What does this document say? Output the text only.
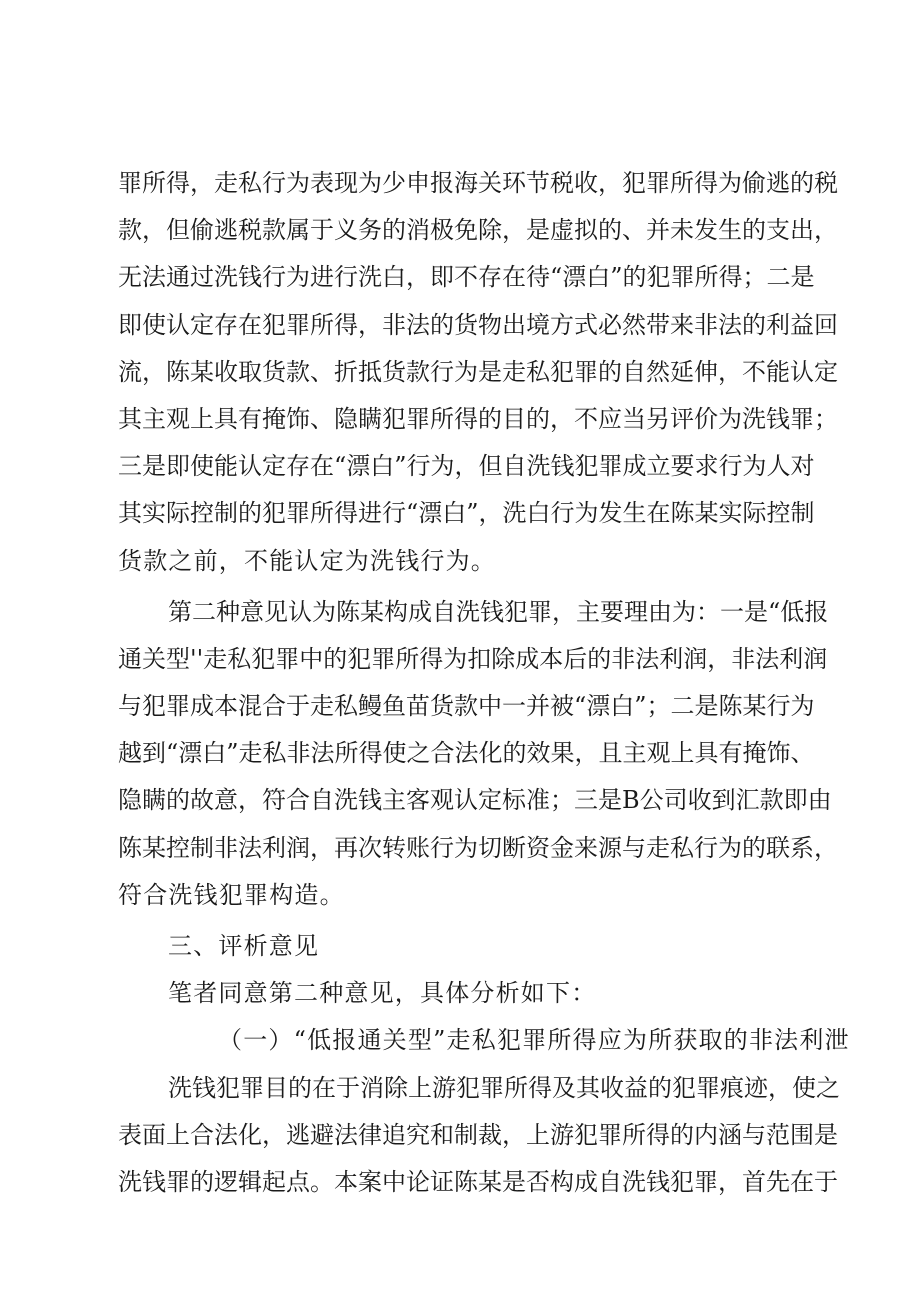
罪所得，走私行为表现为少申报海关环节税收，犯罪所得为偷逃的税
款，但偷逃税款属于义务的消极免除，是虚拟的、并未发生的支出，
无法通过洗钱行为进行洗白，即不存在待“漂白”的犯罪所得；二是
即使认定存在犯罪所得，非法的货物出境方式必然带来非法的利益回
流，陈某收取货款、折抵货款行为是走私犯罪的自然延伸，不能认定
其主观上具有掩饰、隐瞒犯罪所得的目的，不应当另评价为洗钱罪；
三是即使能认定存在“漂白”行为，但自洗钱犯罪成立要求行为人对
其实际控制的犯罪所得进行“漂白”，洗白行为发生在陈某实际控制
货款之前，不能认定为洗钱行为。
第二种意见认为陈某构成自洗钱犯罪，主要理由为：一是“低报
通关型''走私犯罪中的犯罪所得为扣除成本后的非法利润，非法利润
与犯罪成本混合于走私鳗鱼苗货款中一并被“漂白”；二是陈某行为
越到“漂白”走私非法所得使之合法化的效果，且主观上具有掩饰、
隐瞒的故意，符合自洗钱主客观认定标准；三是B公司收到汇款即由
陈某控制非法利润，再次转账行为切断资金来源与走私行为的联系，
符合洗钱犯罪构造。
三、评析意见
笔者同意第二种意见，具体分析如下：
（一）“低报通关型”走私犯罪所得应为所获取的非法利泄
洗钱犯罪目的在于消除上游犯罪所得及其收益的犯罪痕迹，使之
表面上合法化，逃避法律追究和制裁，上游犯罪所得的内涵与范围是
洗钱罪的逻辑起点。本案中论证陈某是否构成自洗钱犯罪，首先在于
